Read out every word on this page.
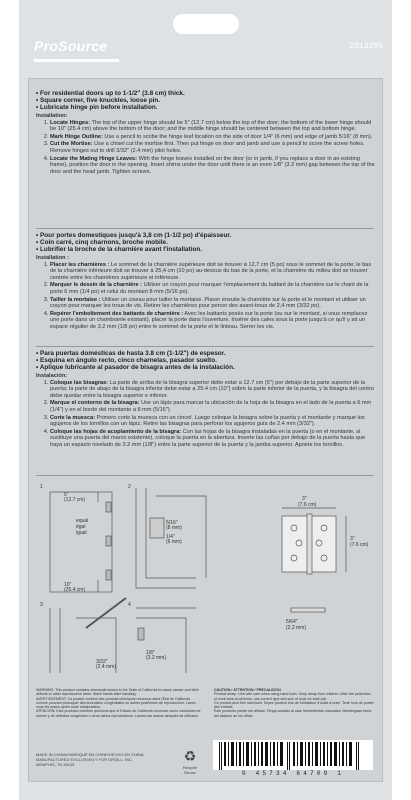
ProSource	2813285
• For residential doors up to 1-1/2" (3.8 cm) thick.
• Square corner, five knuckles, loose pin.
• Lubricate hinge pin before installation.
Installation:
1. Locate Hinges: The top of the upper hinge should be 5" (12.7 cm) below the top of the door; the bottom of the lower hinge should be 10" (25.4 cm) above the bottom of the door; and the middle hinge should be centered between the top and bottom hinge.
2. Mark Hinge Outline: Use a pencil to scribe the hinge leaf location on the side of door 1/4" (6 mm) and edge of jamb 5/16" (8 mm).
3. Cut the Mortise: Use a chisel cut the mortise first. Then put hinge on door and jamb and use a pencil to score the screw holes. Remove hinges out to drill 3/32" (2.4 mm) pilot holes.
4. Locate the Mating Hinge Leaves: With the hinge leaves installed on the door (or in jamb, if you replace a door in an existing frame), position the door in the opening. Insert shims under the door until there is an even 1/8" (3.2 mm) gap between the top of the door and the head jamb. Tighten screws.
• Pour portes domestiques jusqu'à 3,8 cm (1-1/2 po) d'épaisseur.
• Coin carré, cinq charnons, broche mobile.
• Lubrifier la broche de la charnière avant l'installation.
Installation :
1. Placer les charnières : Le sommet de la charnière supérieure doit se trouver à 12,7 cm (5 po) sous le sommet de la porte; le bas de la charnière inférieure doit se trouver à 25,4 cm (10 po) au-dessus du bas de la porte, et la charnière du milieu doit se trouver centrée entre les charnières supérieure et inférieure.
2. Marquer le dessin de la charnière : Utiliser un crayon pour marquer l'emplacement du battant de la charnière sur le chant de la porte 6 mm (1/4 po) et celui du montant 8 mm (5/16 po).
3. Tailler la mortaise : Utiliser un ciseau pour tailler la mortaise. Placer ensuite la charnière sur la porte et le montant et utiliser un crayon pour marquer les trous de vis. Retirer les charnières pour percer des avant-trous de 2,4 mm (3/32 po).
4. Repérer l'emboîtement des battants de charnière : Avec les battants posés sur la porte (ou sur le montant, si vous remplacez une porte dans un chambranle existant), placer la porte dans l'ouverture. Insérer des cales sous la porte jusqu'à ce qu'il y ait un espace régulier de 3,2 mm (1/8 po) entre le sommet de la porte et le linteau. Serrer les vis.
• Para puertas domésticas de hasta 3.8 cm (1-1/2") de espesor.
• Esquina en ángulo recto, cinco charnelas, pasador suelto.
• Aplique lubricante al pasador de bisagra antes de la instalación.
Instalación:
1. Coloque las bisagras: La parte de arriba de la bisagra superior debe estar a 12.7 cm (5") por debajo de la parte superior de la puerta; la parte de abajo de la bisagra inferior debe estar a 25.4 cm (10") sobre la parte inferior de la puerta, y la bisagra del centro debe quedar entre la bisagra superior e inferior.
2. Marque el contorno de la bisagra: Use un lápiz para marcar la ubicación de la hoja de la bisagra en el lado de la puerta a 6 mm (1/4") y en el borde del montante a 8 mm (5/16").
3. Corte la muesca: Primero corte la muesca con un cincel. Luego coloque la bisagra sobre la puerta y el montante y marque los agujeros de los tornillos con un lápiz. Retire las bisagras para perforar los agujeros guía de 2.4 mm (3/32").
4. Coloque las hojas de acoplamiento de la bisagra: Con las hojas de la bisagra instaladas en la puerta (o en el montante, si sustituye una puerta del marco existente), coloque la puerta en la abertura. Inserte las cuñas por debajo de la puerta hasta que haya un espacio nivelado de 3.2 mm (1/8") entre la parte superior de la puerta y la jamba superior. Apriete los tornillos.
1	2
3	4
equal
égal
igual
5"
(12.7 cm)
10"
(25.4 cm)
5/16"
(8 mm)
1/4"
(6 mm)
3/32"
(2.4 mm)
1/8"
(3.2 mm)
3"
(7.6 cm)
3"
(7.6 cm)
5/64"
(2.2 mm)
WARNING: This product contains chemicals known to the State of California to cause cancer and birth defects or other reproductive harm. Wash hands after handling.
AVERTISSEMENT: Ce produit contient des produits chimiques reconnus dans l'État de Californie comme pouvant provoquer des anomalies congénitales ou autres problèmes de reproduction. Lavez-vous les mains après toute manipulation.
ATENCIÓN: Este producto contiene químicos que el Estado de California reconoce como causantes de cáncer y de defectos congénitos u otros daños reproductivos. Lávese las manos después de utilizarlo.
CAUTION / ATTENTION / PRECAUCIÓN
Product sharp. Use with care when using hand tools. Keep away from children. After the protection of work area at all times, use correct type and size of tools for each job.
Ce produit peut être tranchant. Soyez prudent lors de l'utilisation d'outils à main. Tenir hors de portée des enfants.
Este producto puede ser afilado. Tenga cuidado al usar herramientas manuales. Manténgase fuera del alcance de los niños.
MADE IN CHINA/FABRIQUÉ EN CHINE/HECHO EN CHINA
MANUFACTURED EXCLUSIVELY FOR ORGILL, INC.
MEMPHIS, TN 38135
♻
Recycle Reuse	0 45734 64709 1
